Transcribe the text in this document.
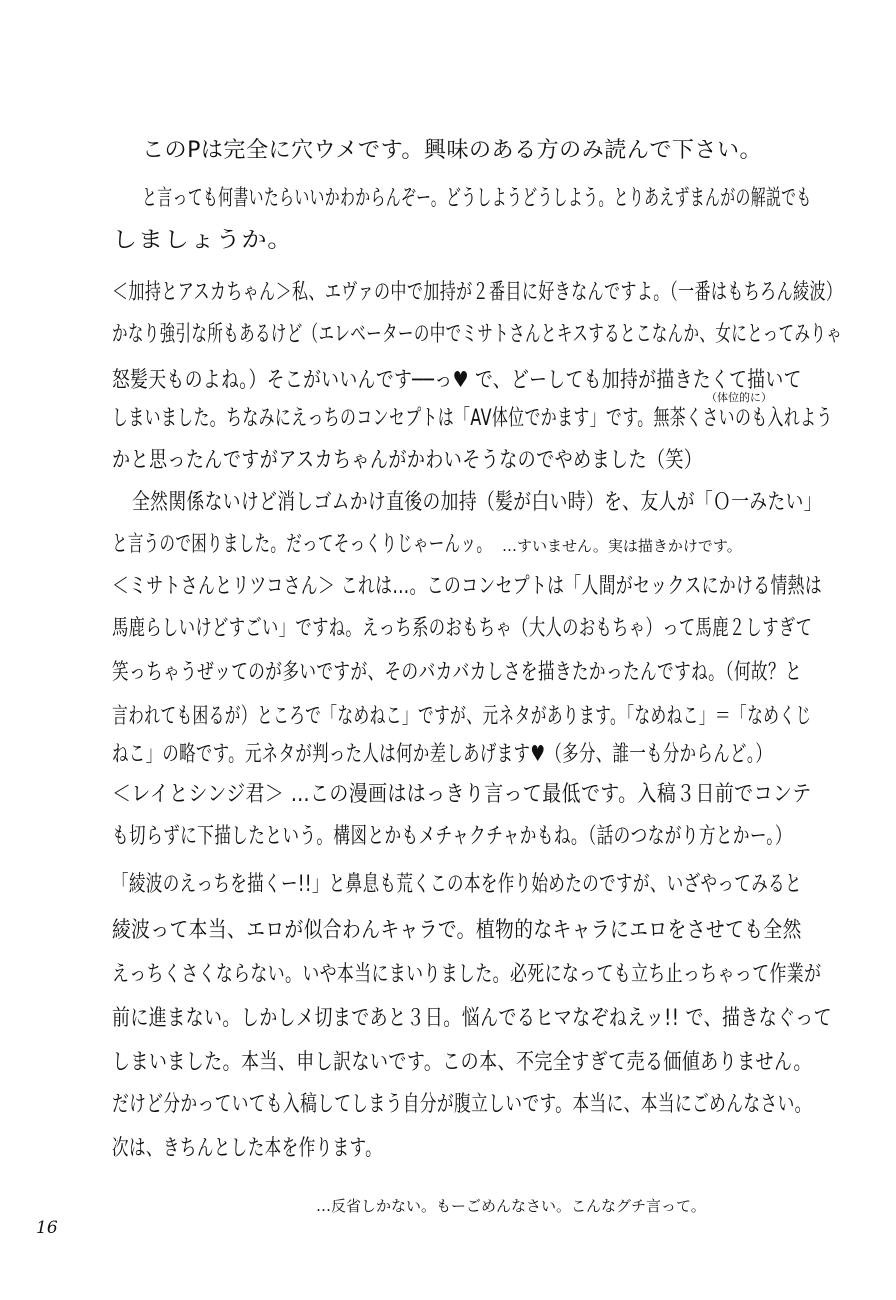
このPは完全に穴ウメです。興味のある方のみ読んで下さい。
と言っても何書いたらいいかわからんぞー。どうしようどうしよう。とりあえずまんがの解説でも
しましょうか。
＜加持とアスカちゃん＞私、エヴァの中で加持が２番目に好きなんですよ。（一番はもちろん綾波）
かなり強引な所もあるけど（エレベーターの中でミサトさんとキスするとこなんか、女にとってみりゃ
怒髪天ものよね。）そこがいいんです──っ♥ で、どーしても加持が描きたくて描いて
（体位的に）
しまいました。ちなみにえっちのコンセプトは「AV体位でかます」です。無茶くさいのも入れよう
かと思ったんですがアスカちゃんがかわいそうなのでやめました（笑）
全然関係ないけど消しゴムかけ直後の加持（髪が白い時）を、友人が「Ｏ一みたい」
と言うので困りました。だってそっくりじゃーんッ。 …すいません。実は描きかけです。
＜ミサトさんとリツコさん＞ これは…。このコンセプトは「人間がセックスにかける情熱は
馬鹿らしいけどすごい」ですね。えっち系のおもちゃ（大人のおもちゃ）って馬鹿２しすぎて
笑っちゃうぜッてのが多いですが、そのバカバカしさを描きたかったんですね。（何故？と
言われても困るが）ところで「なめねこ」ですが、元ネタがあります。「なめねこ」＝「なめくじ
ねこ」の略です。元ネタが判った人は何か差しあげます♥（多分、誰一も分からんど。）
＜レイとシンジ君＞ …この漫画ははっきり言って最低です。入稿３日前でコンテ
も切らずに下描したという。構図とかもメチャクチャかもね。（話のつながり方とかー。）
「綾波のえっちを描くー!!」と鼻息も荒くこの本を作り始めたのですが、いざやってみると
綾波って本当、エロが似合わんキャラで。植物的なキャラにエロをさせても全然
えっちくさくならない。いや本当にまいりました。必死になっても立ち止っちゃって作業が
前に進まない。しかしメ切まであと３日。悩んでるヒマなぞねえッ!! で、描きなぐって
しまいました。本当、申し訳ないです。この本、不完全すぎて売る価値ありません。
だけど分かっていても入稿してしまう自分が腹立しいです。本当に、本当にごめんなさい。
次は、きちんとした本を作ります。
…反省しかない。もーごめんなさい。こんなグチ言って。
16
